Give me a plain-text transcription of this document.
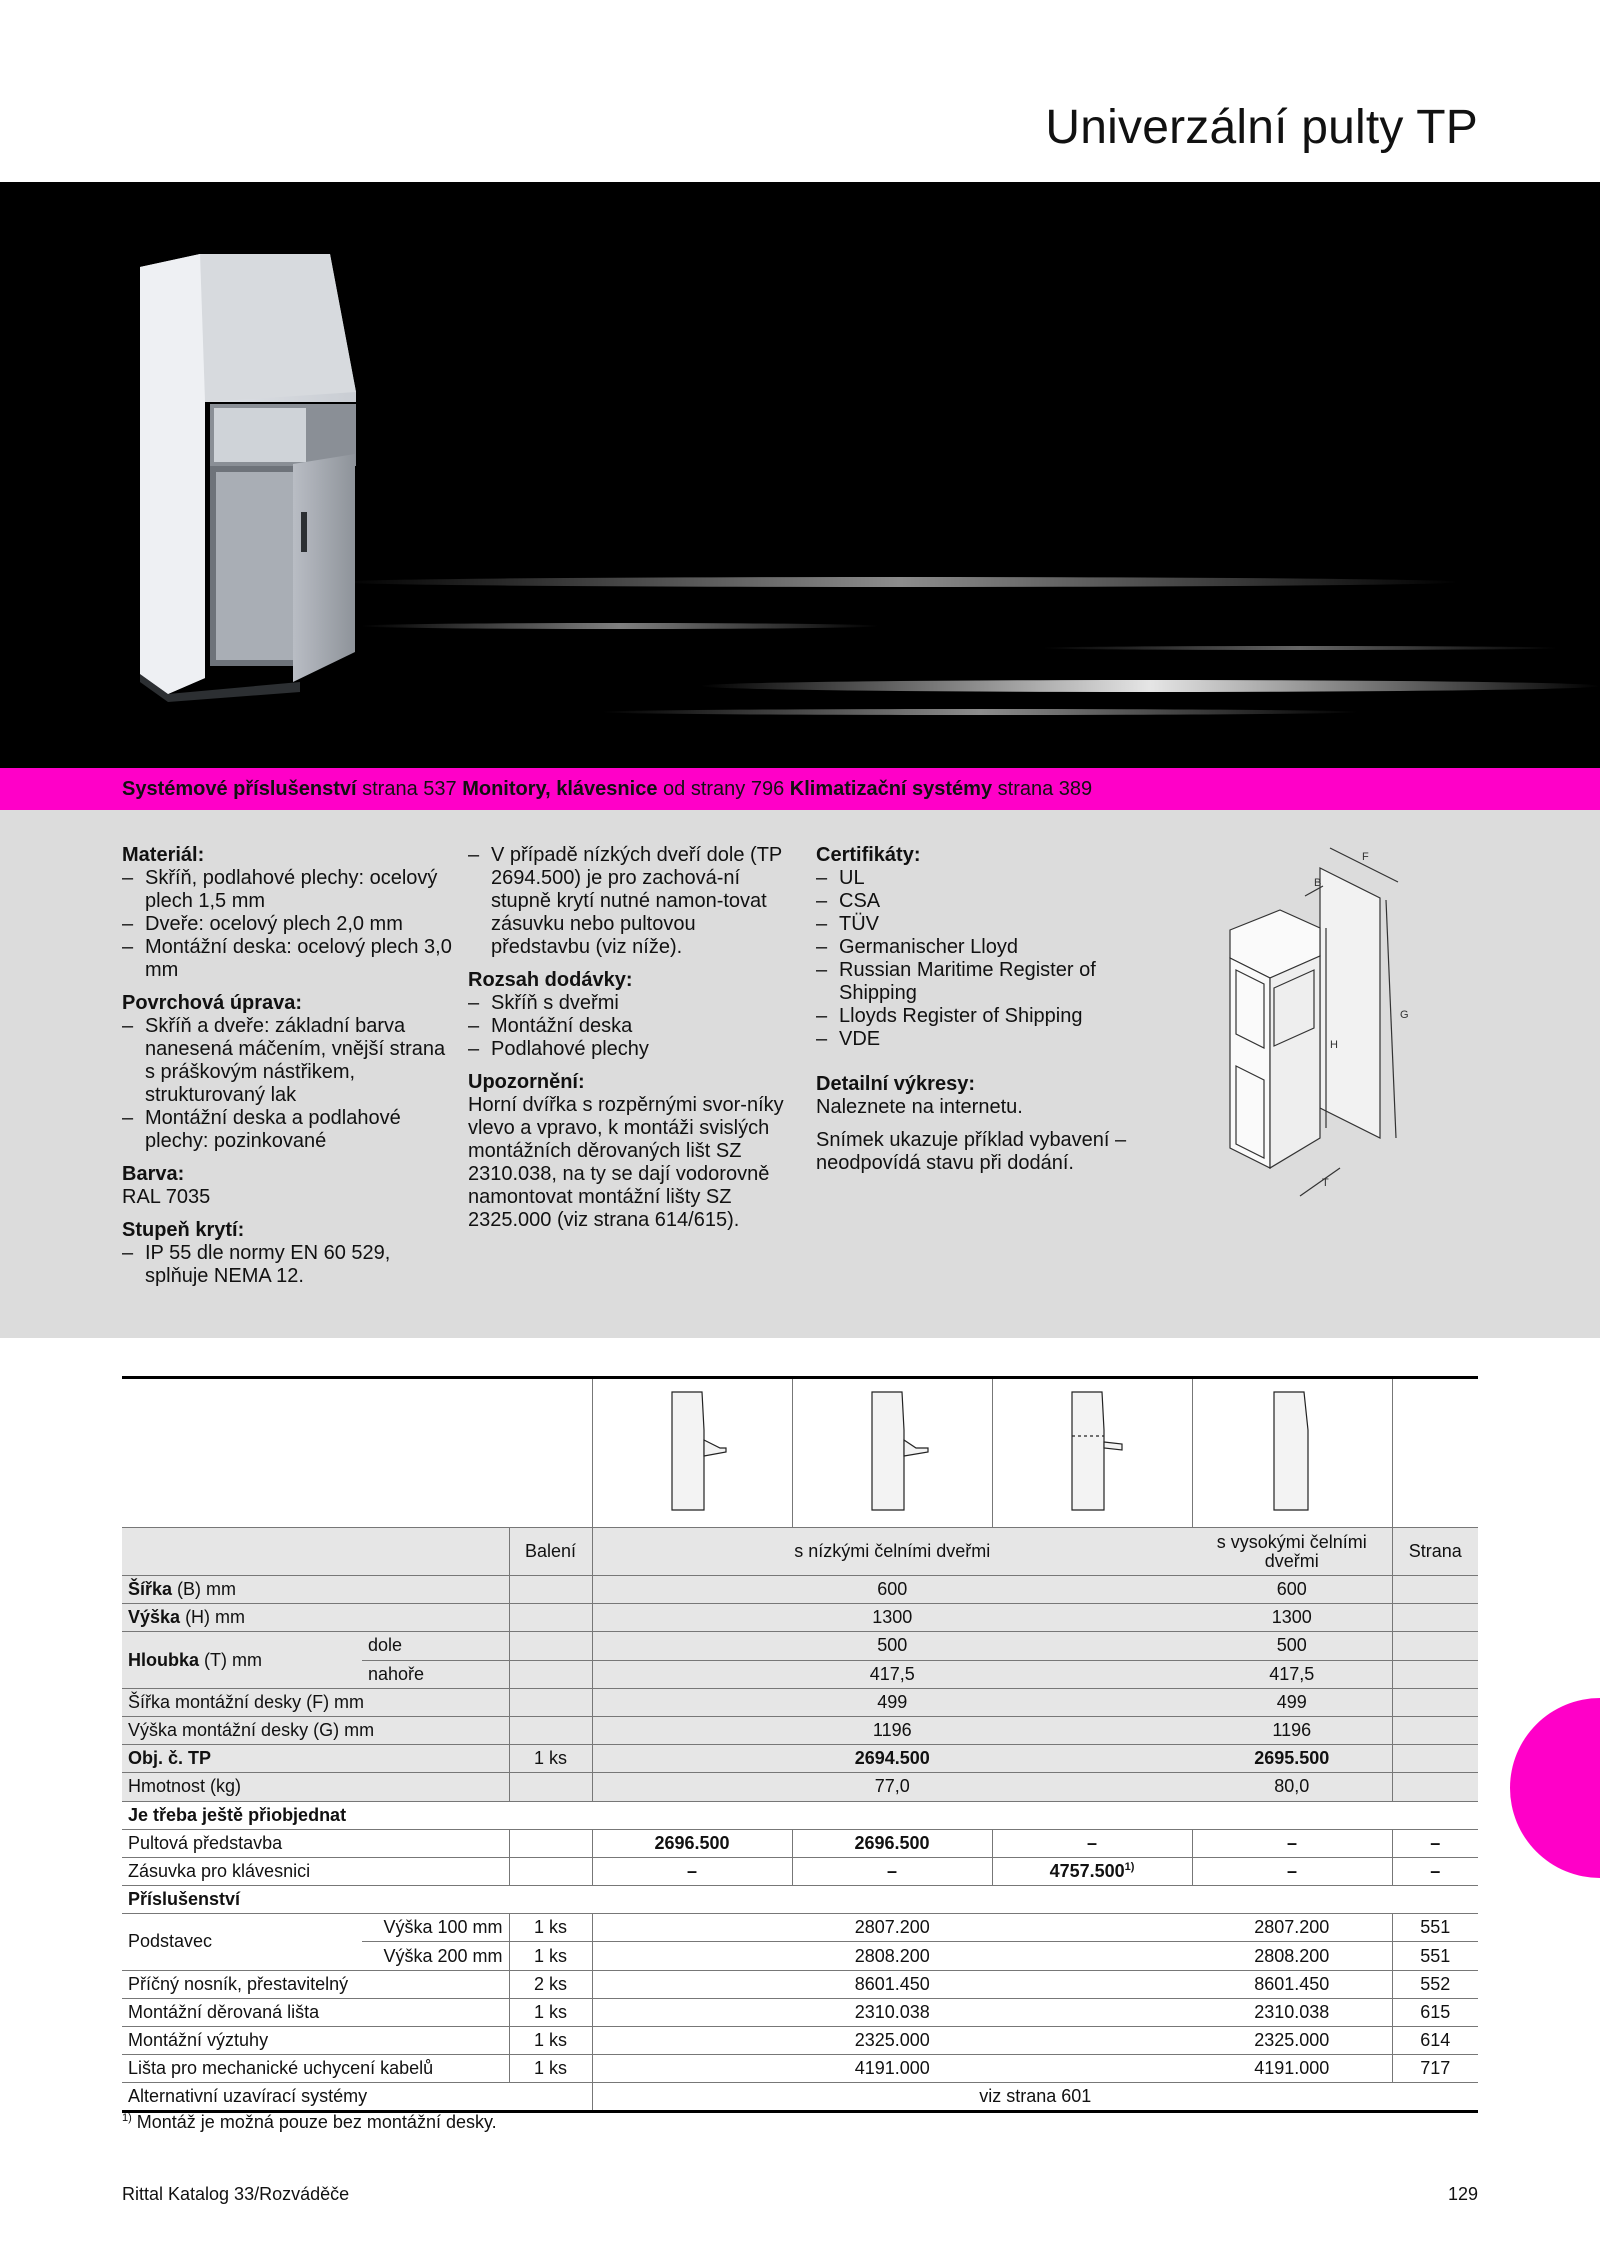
Univerzální pulty TP
Systémové příslušenství strana 537 Monitory, klávesnice od strany 796 Klimatizační systémy strana 389
Materiál:
– Skříň, podlahové plechy: ocelový plech 1,5 mm
– Dveře: ocelový plech 2,0 mm
– Montážní deska: ocelový plech 3,0 mm
Povrchová úprava:
– Skříň a dveře: základní barva nanesená máčením, vnější strana s práškovým nástřikem, strukturovaný lak
– Montážní deska a podlahové plechy: pozinkované
Barva:

RAL 7035

Stupeň krytí:
– IP 55 dle normy EN 60 529, splňuje NEMA 12.
– V případě nízkých dveří dole (TP 2694.500) je pro zachová-ní stupně krytí nutné namon-tovat zásuvku nebo pultovou představbu (viz níže).
Rozsah dodávky:
– Skříň s dveřmi
– Montážní deska
– Podlahové plechy
Upozornění:

Horní dvířka s rozpěrnými svor-níky vlevo a vpravo, k montáži svislých montážních děrovaných lišt SZ 2310.038, na ty se dají vodorovně namontovat montážní lišty SZ 2325.000 (viz strana 614/615).

Certifikáty:
– UL
– CSA
– TÜV
– Germanischer Lloyd
– Russian Maritime Register of Shipping
– Lloyds Register of Shipping
– VDE
Detailní výkresy:

Naleznete na internetu.

Snímek ukazuje příklad vybavení – neodpovídá stavu při dodání.

F
B
G
H
T

		Balení	s nízkými čelními dveřmi			s vysokými čelními dveřmi	Strana
Šířka (B) mm			600			600	
Výška (H) mm			1300			1300	
Hloubka (T) mm	dole		500			500	
	nahoře		417,5			417,5	
Šířka montážní desky (F) mm			499			499	
Výška montážní desky (G) mm			1196			1196	
Obj. č. TP		1 ks	2694.500			2695.500	
Hmotnost (kg)			77,0			80,0	
Je třeba ještě přiobjednat							
Pultová představba			2696.500	2696.500	–	–	–
Zásuvka pro klávesnici			–	–	4757.500$^{1)}$	–	–
Příslušenství							
Podstavec	Výška 100 mm	1 ks	2807.200			2807.200	551
	Výška 200 mm	1 ks	2808.200			2808.200	551
Příčný nosník, přestavitelný		2 ks	8601.450			8601.450	552
Montážní děrovaná lišta		1 ks	2310.038			2310.038	615
Montážní výztuhy		1 ks	2325.000			2325.000	614
Lišta pro mechanické uchycení kabelů		1 ks	4191.000			4191.000	717
Alternativní uzavírací systémy			viz strana 601				
$^{1)}$ Montáž je možná pouze bez montážní desky.
Rittal Katalog 33/Rozváděče	129
